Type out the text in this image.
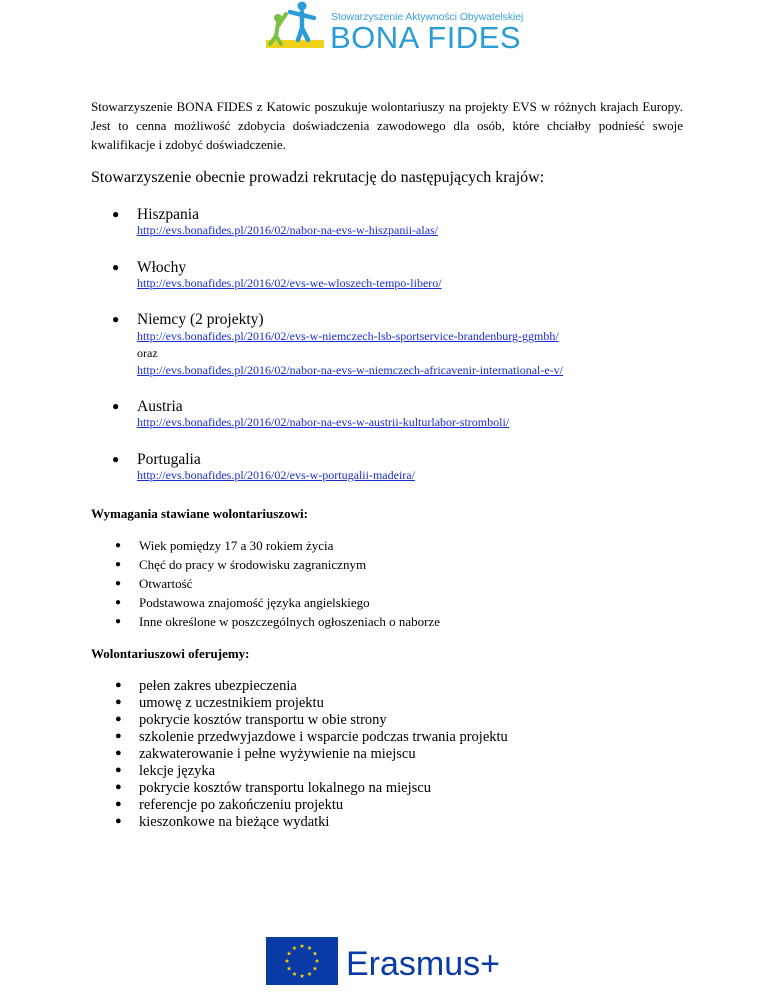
Stowarzyszenie Aktywności Obywatelskiej
BONA FIDES

Stowarzyszenie BONA FIDES z Katowic poszukuje wolontariuszy na projekty EVS w różnych krajach Europy. Jest to cenna możliwość zdobycia doświadczenia zawodowego dla osób, które chciałby podnieść swoje kwalifikacje i zdobyć doświadczenie.

Stowarzyszenie obecnie prowadzi rekrutację do następujących krajów:
● Hiszpania
http://evs.bonafides.pl/2016/02/nabor-na-evs-w-hiszpanii-alas/
● Włochy
http://evs.bonafides.pl/2016/02/evs-we-wloszech-tempo-libero/
● Niemcy (2 projekty)
http://evs.bonafides.pl/2016/02/evs-w-niemczech-lsb-sportservice-brandenburg-ggmbh/
oraz
http://evs.bonafides.pl/2016/02/nabor-na-evs-w-niemczech-africavenir-international-e-v/
● Austria
http://evs.bonafides.pl/2016/02/nabor-na-evs-w-austrii-kulturlabor-stromboli/
● Portugalia
http://evs.bonafides.pl/2016/02/evs-w-portugalii-madeira/
Wymagania stawiane wolontariuszowi:
● Wiek pomiędzy 17 a 30 rokiem życia
● Chęć do pracy w środowisku zagranicznym
● Otwartość
● Podstawowa znajomość języka angielskiego
● Inne określone w poszczególnych ogłoszeniach o naborze
Wolontariuszowi oferujemy:
● pełen zakres ubezpieczenia
● umowę z uczestnikiem projektu
● pokrycie kosztów transportu w obie strony
● szkolenie przedwyjazdowe i wsparcie podczas trwania projektu
● zakwaterowanie i pełne wyżywienie na miejscu
● lekcje języka
● pokrycie kosztów transportu lokalnego na miejscu
● referencje po zakończeniu projektu
● kieszonkowe na bieżące wydatki
Erasmus+
